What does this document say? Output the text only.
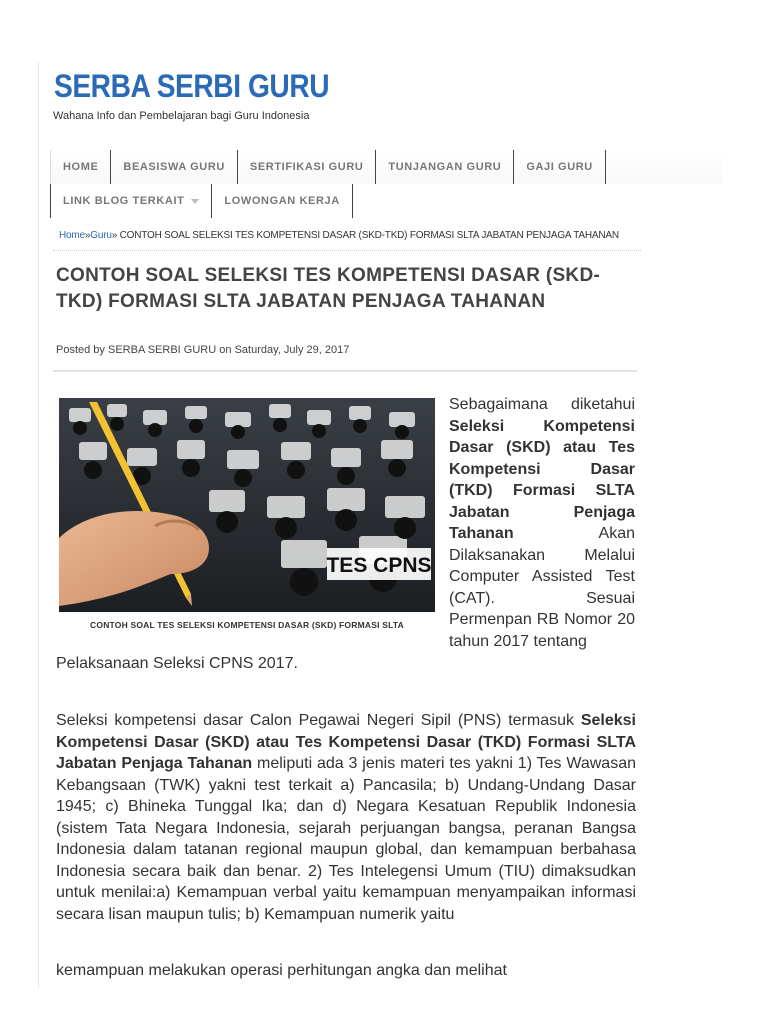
SERBA SERBI GURU
Wahana Info dan Pembelajaran bagi Guru Indonesia
HOME	BEASISWA GURU	SERTIFIKASI GURU	TUNJANGAN GURU	GAJI GURU
LINK BLOG TERKAIT	LOWONGAN KERJA
Home»Guru» CONTOH SOAL SELEKSI TES KOMPETENSI DASAR (SKD-TKD) FORMASI SLTA JABATAN PENJAGA TAHANAN
CONTOH SOAL SELEKSI TES KOMPETENSI DASAR (SKD-TKD) FORMASI SLTA JABATAN PENJAGA TAHANAN
Posted by SERBA SERBI GURU on Saturday, July 29, 2017
TES CPNS
CONTOH SOAL TES SELEKSI KOMPETENSI DASAR (SKD) FORMASI SLTA
Sebagaimana diketahui Seleksi Kompetensi Dasar (SKD) atau Tes Kompetensi Dasar (TKD) Formasi SLTA Jabatan Penjaga Tahanan Akan Dilaksanakan Melalui Computer Assisted Test (CAT). Sesuai Permenpan RB Nomor 20 tahun 2017 tentang
Pelaksanaan Seleksi CPNS 2017.
Seleksi kompetensi dasar Calon Pegawai Negeri Sipil (PNS) termasuk Seleksi Kompetensi Dasar (SKD) atau Tes Kompetensi Dasar (TKD) Formasi SLTA Jabatan Penjaga Tahanan meliputi ada 3 jenis materi tes yakni 1) Tes Wawasan Kebangsaan (TWK) yakni test terkait a) Pancasila; b) Undang-Undang Dasar 1945; c) Bhineka Tunggal Ika; dan d) Negara Kesatuan Republik Indonesia (sistem Tata Negara Indonesia, sejarah perjuangan bangsa, peranan Bangsa Indonesia dalam tatanan regional maupun global, dan kemampuan berbahasa Indonesia secara baik dan benar. 2) Tes Intelegensi Umum (TIU) dimaksudkan untuk menilai:a) Kemampuan verbal yaitu kemampuan menyampaikan informasi secara lisan maupun tulis; b) Kemampuan numerik yaitu
kemampuan melakukan operasi perhitungan angka dan melihat
